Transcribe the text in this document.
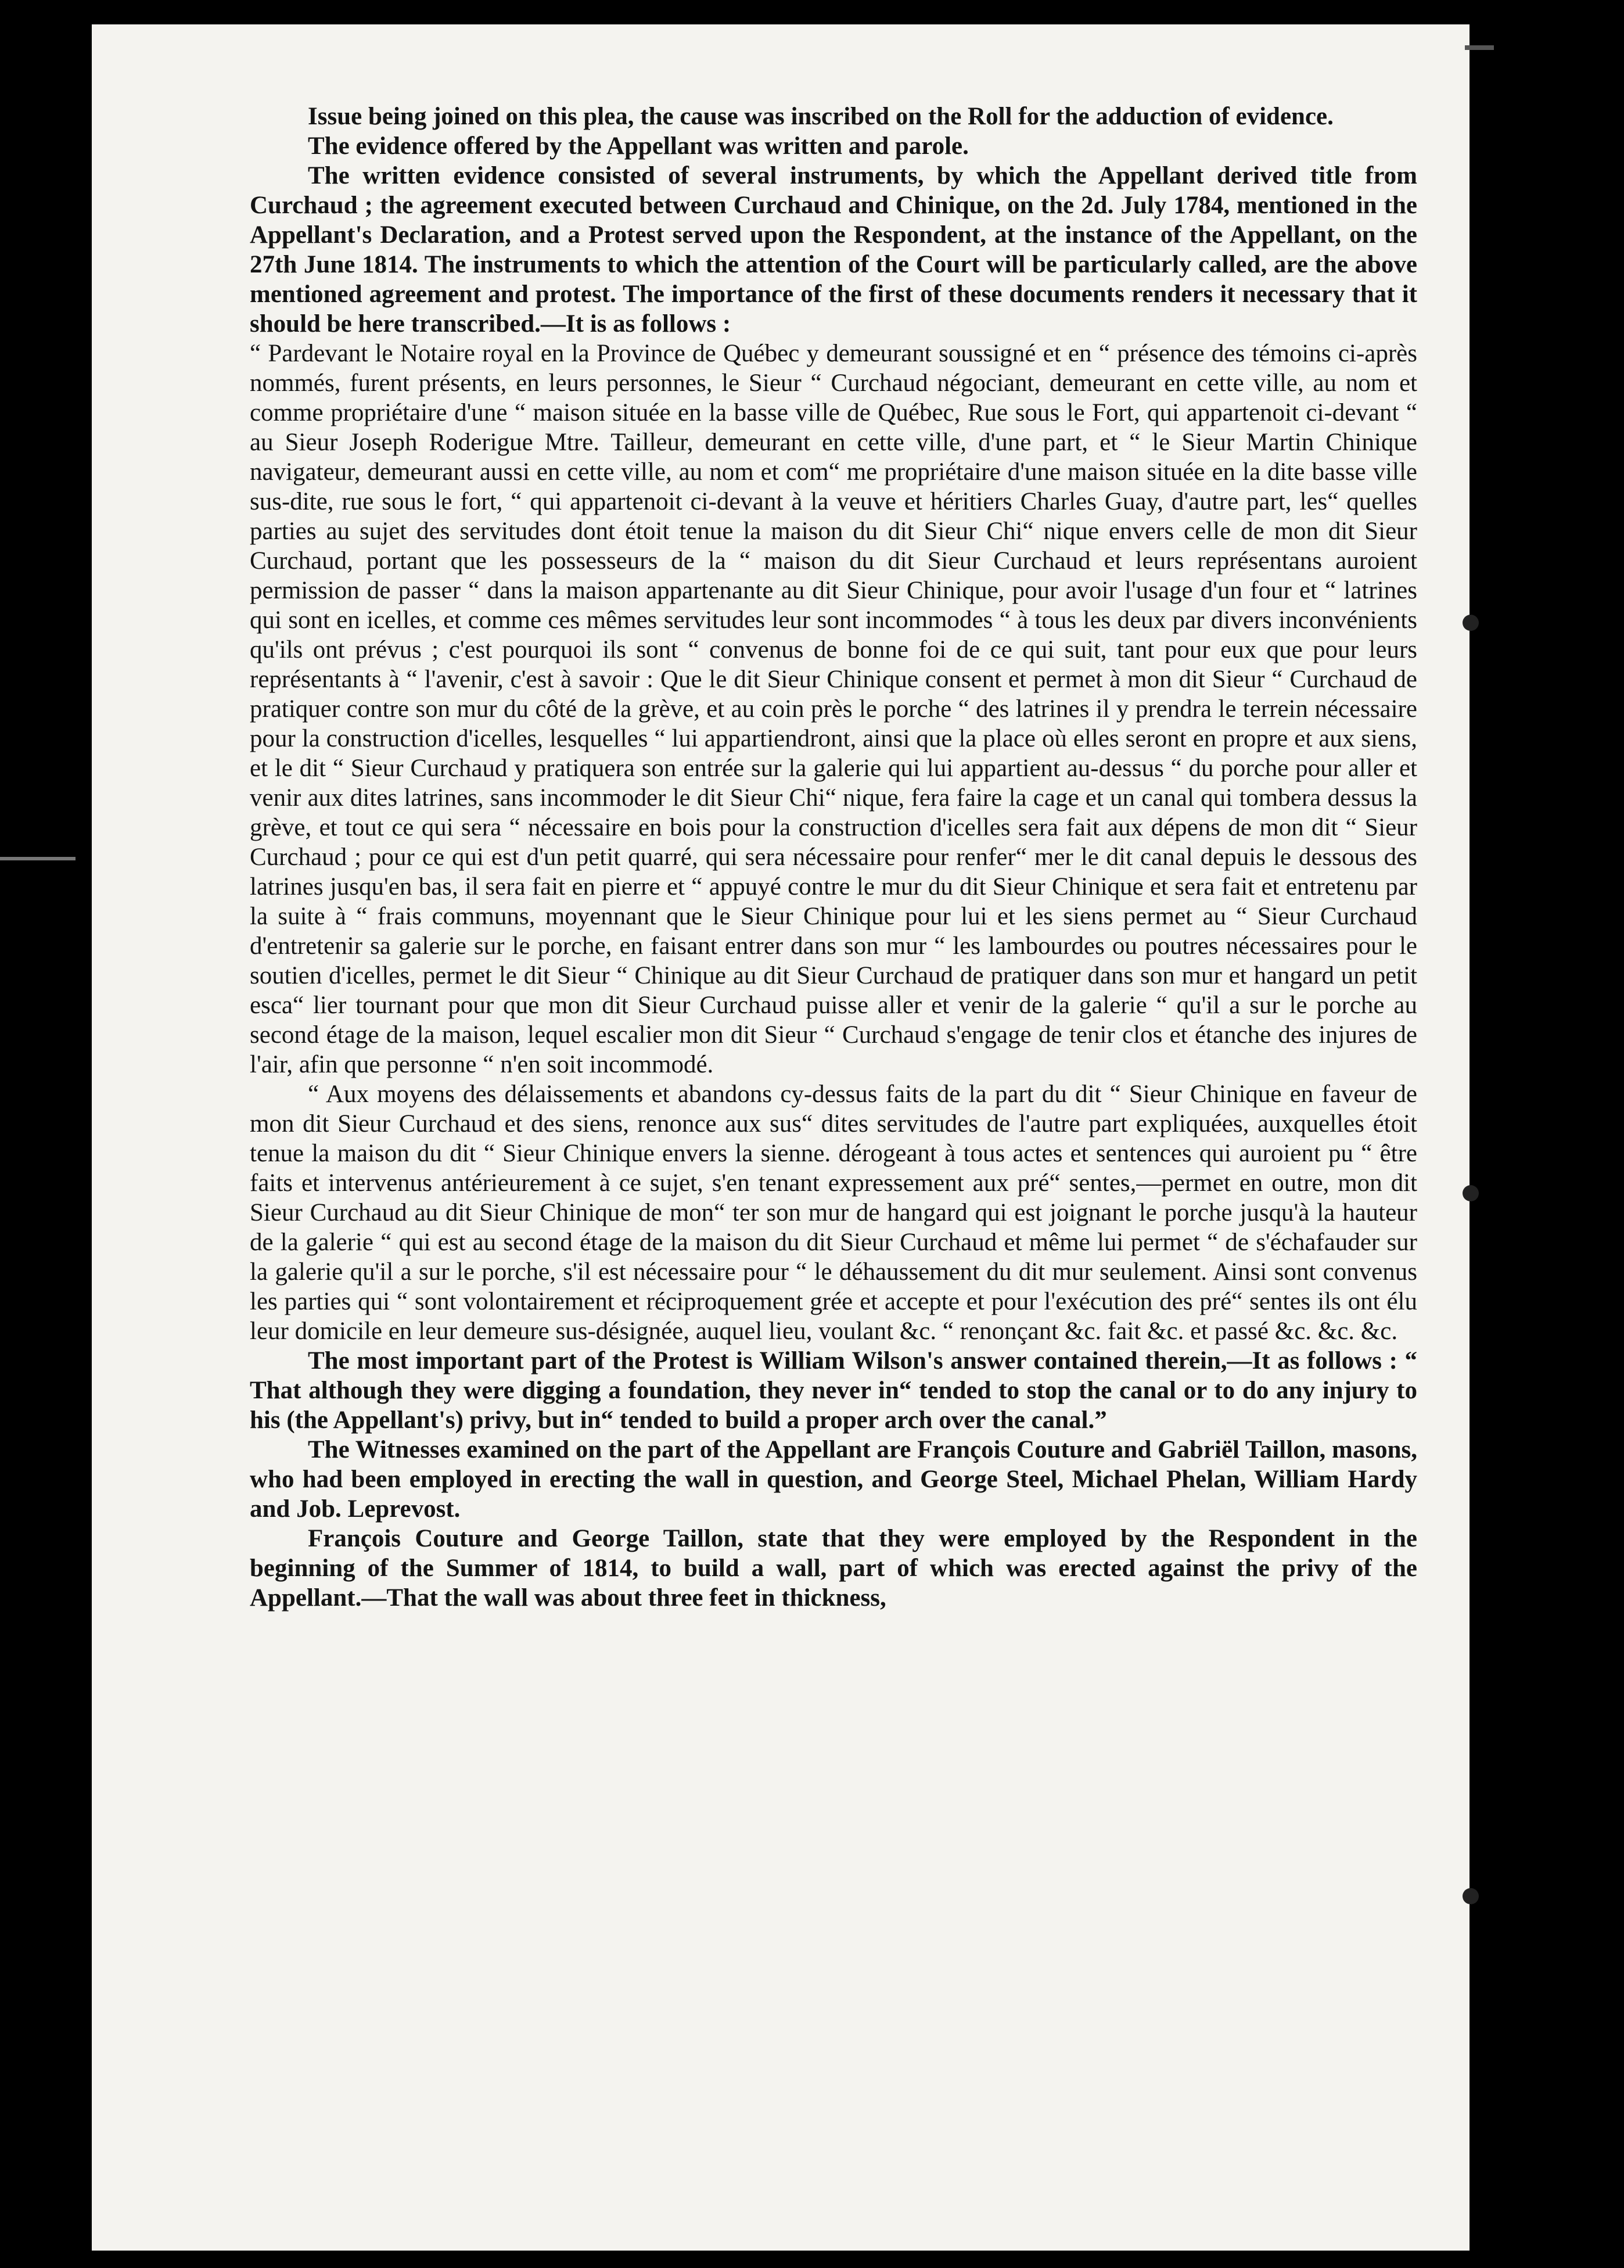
Issue being joined on this plea, the cause was inscribed on the Roll for the adduction of evidence.

The evidence offered by the Appellant was written and parole.

The written evidence consisted of several instruments, by which the Appellant derived title from Curchaud ; the agreement executed between Curchaud and Chinique, on the 2d. July 1784, mentioned in the Appellant's Declaration, and a Protest served upon the Respondent, at the instance of the Appellant, on the 27th June 1814. The instruments to which the attention of the Court will be particularly called, are the above mentioned agreement and protest. The importance of the first of these documents renders it necessary that it should be here transcribed.—It is as follows :

“ Pardevant le Notaire royal en la Province de Québec y demeurant soussigné et en “ présence des témoins ci-après nommés, furent présents, en leurs personnes, le Sieur “ Curchaud négociant, demeurant en cette ville, au nom et comme propriétaire d'une “ maison située en la basse ville de Québec, Rue sous le Fort, qui appartenoit ci-devant “ au Sieur Joseph Roderigue Mtre. Tailleur, demeurant en cette ville, d'une part, et “ le Sieur Martin Chinique navigateur, demeurant aussi en cette ville, au nom et com“ me propriétaire d'une maison située en la dite basse ville sus-dite, rue sous le fort, “ qui appartenoit ci-devant à la veuve et héritiers Charles Guay, d'autre part, les“ quelles parties au sujet des servitudes dont étoit tenue la maison du dit Sieur Chi“ nique envers celle de mon dit Sieur Curchaud, portant que les possesseurs de la “ maison du dit Sieur Curchaud et leurs représentans auroient permission de passer “ dans la maison appartenante au dit Sieur Chinique, pour avoir l'usage d'un four et “ latrines qui sont en icelles, et comme ces mêmes servitudes leur sont incommodes “ à tous les deux par divers inconvénients qu'ils ont prévus ; c'est pourquoi ils sont “ convenus de bonne foi de ce qui suit, tant pour eux que pour leurs représentants à “ l'avenir, c'est à savoir : Que le dit Sieur Chinique consent et permet à mon dit Sieur “ Curchaud de pratiquer contre son mur du côté de la grève, et au coin près le porche “ des latrines il y prendra le terrein nécessaire pour la construction d'icelles, lesquelles “ lui appartiendront, ainsi que la place où elles seront en propre et aux siens, et le dit “ Sieur Curchaud y pratiquera son entrée sur la galerie qui lui appartient au-dessus “ du porche pour aller et venir aux dites latrines, sans incommoder le dit Sieur Chi“ nique, fera faire la cage et un canal qui tombera dessus la grève, et tout ce qui sera “ nécessaire en bois pour la construction d'icelles sera fait aux dépens de mon dit “ Sieur Curchaud ; pour ce qui est d'un petit quarré, qui sera nécessaire pour renfer“ mer le dit canal depuis le dessous des latrines jusqu'en bas, il sera fait en pierre et “ appuyé contre le mur du dit Sieur Chinique et sera fait et entretenu par la suite à “ frais communs, moyennant que le Sieur Chinique pour lui et les siens permet au “ Sieur Curchaud d'entretenir sa galerie sur le porche, en faisant entrer dans son mur “ les lambourdes ou poutres nécessaires pour le soutien d'icelles, permet le dit Sieur “ Chinique au dit Sieur Curchaud de pratiquer dans son mur et hangard un petit esca“ lier tournant pour que mon dit Sieur Curchaud puisse aller et venir de la galerie “ qu'il a sur le porche au second étage de la maison, lequel escalier mon dit Sieur “ Curchaud s'engage de tenir clos et étanche des injures de l'air, afin que personne “ n'en soit incommodé.

“ Aux moyens des délaissements et abandons cy-dessus faits de la part du dit “ Sieur Chinique en faveur de mon dit Sieur Curchaud et des siens, renonce aux sus“ dites servitudes de l'autre part expliquées, auxquelles étoit tenue la maison du dit “ Sieur Chinique envers la sienne. dérogeant à tous actes et sentences qui auroient pu “ être faits et intervenus antérieurement à ce sujet, s'en tenant expressement aux pré“ sentes,—permet en outre, mon dit Sieur Curchaud au dit Sieur Chinique de mon“ ter son mur de hangard qui est joignant le porche jusqu'à la hauteur de la galerie “ qui est au second étage de la maison du dit Sieur Curchaud et même lui permet “ de s'échafauder sur la galerie qu'il a sur le porche, s'il est nécessaire pour “ le déhaussement du dit mur seulement. Ainsi sont convenus les parties qui “ sont volontairement et réciproquement grée et accepte et pour l'exécution des pré“ sentes ils ont élu leur domicile en leur demeure sus-désignée, auquel lieu, voulant &c. “ renonçant &c. fait &c. et passé &c. &c. &c.

The most important part of the Protest is William Wilson's answer contained therein,—It as follows : “ That although they were digging a foundation, they never in“ tended to stop the canal or to do any injury to his (the Appellant's) privy, but in“ tended to build a proper arch over the canal.”

The Witnesses examined on the part of the Appellant are François Couture and Gabriël Taillon, masons, who had been employed in erecting the wall in question, and George Steel, Michael Phelan, William Hardy and Job. Leprevost.

François Couture and George Taillon, state that they were employed by the Respondent in the beginning of the Summer of 1814, to build a wall, part of which was erected against the privy of the Appellant.—That the wall was about three feet in thickness,
